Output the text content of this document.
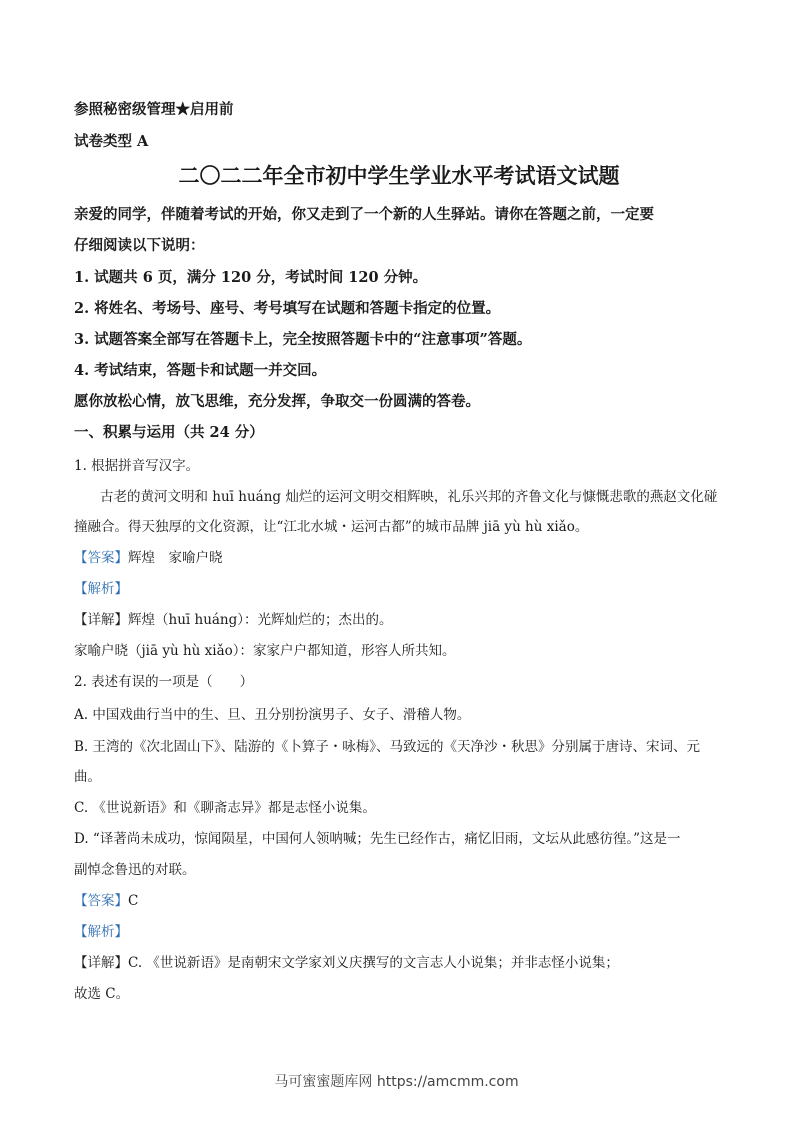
参照秘密级管理★启用前
试卷类型 A
二〇二二年全市初中学生学业水平考试语文试题
亲爱的同学，伴随着考试的开始，你又走到了一个新的人生驿站。请你在答题之前，一定要
仔细阅读以下说明：
1. 试题共 6 页，满分 120 分，考试时间 120 分钟。
2. 将姓名、考场号、座号、考号填写在试题和答题卡指定的位置。
3. 试题答案全部写在答题卡上，完全按照答题卡中的“注意事项”答题。
4. 考试结束，答题卡和试题一并交回。
愿你放松心情，放飞思维，充分发挥，争取交一份圆满的答卷。
一、积累与运用（共 24 分）
1. 根据拼音写汉字。
古老的黄河文明和 huī huáng 灿烂的运河文明交相辉映，礼乐兴邦的齐鲁文化与慷慨悲歌的燕赵文化碰
撞融合。得天独厚的文化资源，让“江北水城・运河古都”的城市品牌 jiā yù hù xiǎo。
【答案】辉煌　家喻户晓
【解析】
【详解】辉煌（huī huáng）：光辉灿烂的；杰出的。
家喻户晓（jiā yù hù xiǎo）：家家户户都知道，形容人所共知。
2. 表述有误的一项是（　　）
A. 中国戏曲行当中的生、旦、丑分别扮演男子、女子、滑稽人物。
B. 王湾的《次北固山下》、陆游的《卜算子・咏梅》、马致远的《天净沙・秋思》分别属于唐诗、宋词、元
曲。
C. 《世说新语》和《聊斋志异》都是志怪小说集。
D. “译著尚未成功，惊闻陨星，中国何人领呐喊；先生已经作古，痛忆旧雨，文坛从此感彷徨。”这是一
副悼念鲁迅的对联。
【答案】C
【解析】
【详解】C. 《世说新语》是南朝宋文学家刘义庆撰写的文言志人小说集；并非志怪小说集；
故选 C。
马可蜜蜜题库网 https://amcmm.com
